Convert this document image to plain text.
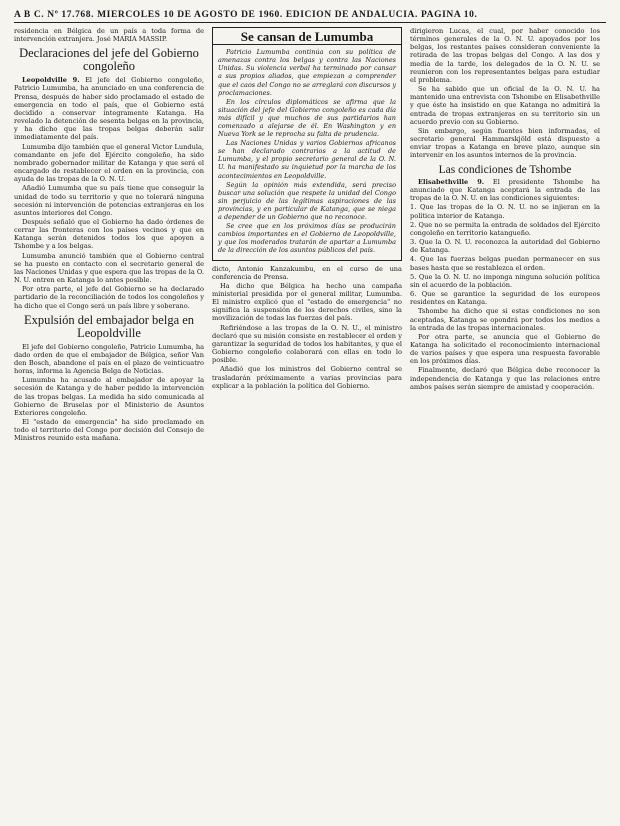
A B C. Nº 17.768. MIERCOLES 10 DE AGOSTO DE 1960. EDICION DE ANDALUCIA. PAGINA 10.

residencia en Bélgica de un país a toda forma de intervención extranjera. José MARIA MASSIP.

Declaraciones del jefe del Gobierno congoleño

Leopoldville 9. El jefe del Gobierno congoleño, Patricio Lumumba, ha anunciado en una conferencia de Prensa, después de haber sido proclamado el estado de emergencia en todo el país, que el Gobierno está decidido a conservar íntegramente Katanga. Ha revelado la detención de sesenta belgas en la provincia, y ha dicho que las tropas belgas deberán salir inmediatamente del país.

Lumumba dijo también que el general Victor Lundula, comandante en jefe del Ejército congoleño, ha sido nombrado gobernador militar de Katanga y que será el encargado de restablecer el orden en la provincia, con ayuda de las tropas de la O. N. U.

Añadió Lumumba que su país tiene que conseguir la unidad de todo su territorio y que no tolerará ninguna secesión ni intervención de potencias extranjeras en los asuntos interiores del Congo.

Después señaló que el Gobierno ha dado órdenes de cerrar las fronteras con los países vecinos y que en Katanga serán detenidos todos los que apoyen a Tshombe y a los belgas.

Lumumba anunció también que el Gobierno central se ha puesto en contacto con el secretario general de las Naciones Unidas y que espera que las tropas de la O. N. U. entren en Katanga lo antes posible.

Por otra parte, el jefe del Gobierno se ha declarado partidario de la reconciliación de todos los congoleños y ha dicho que el Congo será un país libre y soberano.

Expulsión del embajador belga en Leopoldville

El jefe del Gobierno congoleño, Patricio Lumumba, ha dado orden de que el embajador de Bélgica, señor Van den Bosch, abandone el país en el plazo de veinticuatro horas, informa la Agencia Belga de Noticias.

Lumumba ha acusado al embajador de apoyar la secesión de Katanga y de haber pedido la intervención de las tropas belgas. La medida ha sido comunicada al Gobierno de Bruselas por el Ministerio de Asuntos Exteriores congoleño.

El "estado de emergencia" ha sido proclamado en todo el territorio del Congo por decisión del Consejo de Ministros reunido esta mañana.

Se cansan de Lumumba

Patricio Lumumba continúa con su política de amenazas contra los belgas y contra las Naciones Unidas. Su violencia verbal ha terminado por cansar a sus propios aliados, que empiezan a comprender que el caos del Congo no se arreglará con discursos y proclamaciones.

En los círculos diplomáticos se afirma que la situación del jefe del Gobierno congoleño es cada día más difícil y que muchos de sus partidarios han comenzado a alejarse de él. En Washington y en Nueva York se le reprocha su falta de prudencia.

Las Naciones Unidas y varios Gobiernos africanos se han declarado contrarios a la actitud de Lumumba, y el propio secretario general de la O. N. U. ha manifestado su inquietud por la marcha de los acontecimientos en Leopoldville.

Según la opinión más extendida, será preciso buscar una solución que respete la unidad del Congo sin perjuicio de las legítimas aspiraciones de las provincias, y en particular de Katanga, que se niega a depender de un Gobierno que no reconoce.

Se cree que en los próximos días se producirán cambios importantes en el Gobierno de Leopoldville, y que los moderados tratarán de apartar a Lumumba de la dirección de los asuntos públicos del país.

dicto, Antonio Kanzakumbu, en el curso de una conferencia de Prensa.

Ha dicho que Bélgica ha hecho una campaña ministerial presidida por el general militar, Lumumba. El ministro explicó que el "estado de emergencia" no significa la suspensión de los derechos civiles, sino la movilización de todas las fuerzas del país.

Refiriéndose a las tropas de la O. N. U., el ministro declaró que su misión consiste en restablecer el orden y garantizar la seguridad de todos los habitantes, y que el Gobierno congoleño colaborará con ellas en todo lo posible.

Añadió que los ministros del Gobierno central se trasladarán próximamente a varias provincias para explicar a la población la política del Gobierno.

dirigieron Lucas, el cual, por haber conocido los términos generales de la O. N. U. apoyados por los belgas, los restantes países consideran conveniente la retirada de las tropas belgas del Congo. A las dos y media de la tarde, los delegados de la O. N. U. se reunieron con los representantes belgas para estudiar el problema.

Se ha sabido que un oficial de la O. N. U. ha mantenido una entrevista con Tshombe en Elisabethville y que éste ha insistido en que Katanga no admitirá la entrada de tropas extranjeras en su territorio sin un acuerdo previo con su Gobierno.

Sin embargo, según fuentes bien informadas, el secretario general Hammarskjöld está dispuesto a enviar tropas a Katanga en breve plazo, aunque sin intervenir en los asuntos internos de la provincia.

Las condiciones de Tshombe

Elisabethville 9. El presidente Tshombe ha anunciado que Katanga aceptará la entrada de las tropas de la O. N. U. en las condiciones siguientes:

1. Que las tropas de la O. N. U. no se injieran en la política interior de Katanga.

2. Que no se permita la entrada de soldados del Ejército congoleño en territorio katangueño.

3. Que la O. N. U. reconozca la autoridad del Gobierno de Katanga.

4. Que las fuerzas belgas puedan permanecer en sus bases hasta que se restablezca el orden.

5. Que la O. N. U. no imponga ninguna solución política sin el acuerdo de la población.

6. Que se garantice la seguridad de los europeos residentes en Katanga.

Tshombe ha dicho que si estas condiciones no son aceptadas, Katanga se opondrá por todos los medios a la entrada de las tropas internacionales.

Por otra parte, se anuncia que el Gobierno de Katanga ha solicitado el reconocimiento internacional de varios países y que espera una respuesta favorable en los próximos días.

Finalmente, declaró que Bélgica debe reconocer la independencia de Katanga y que las relaciones entre ambos países serán siempre de amistad y cooperación.
